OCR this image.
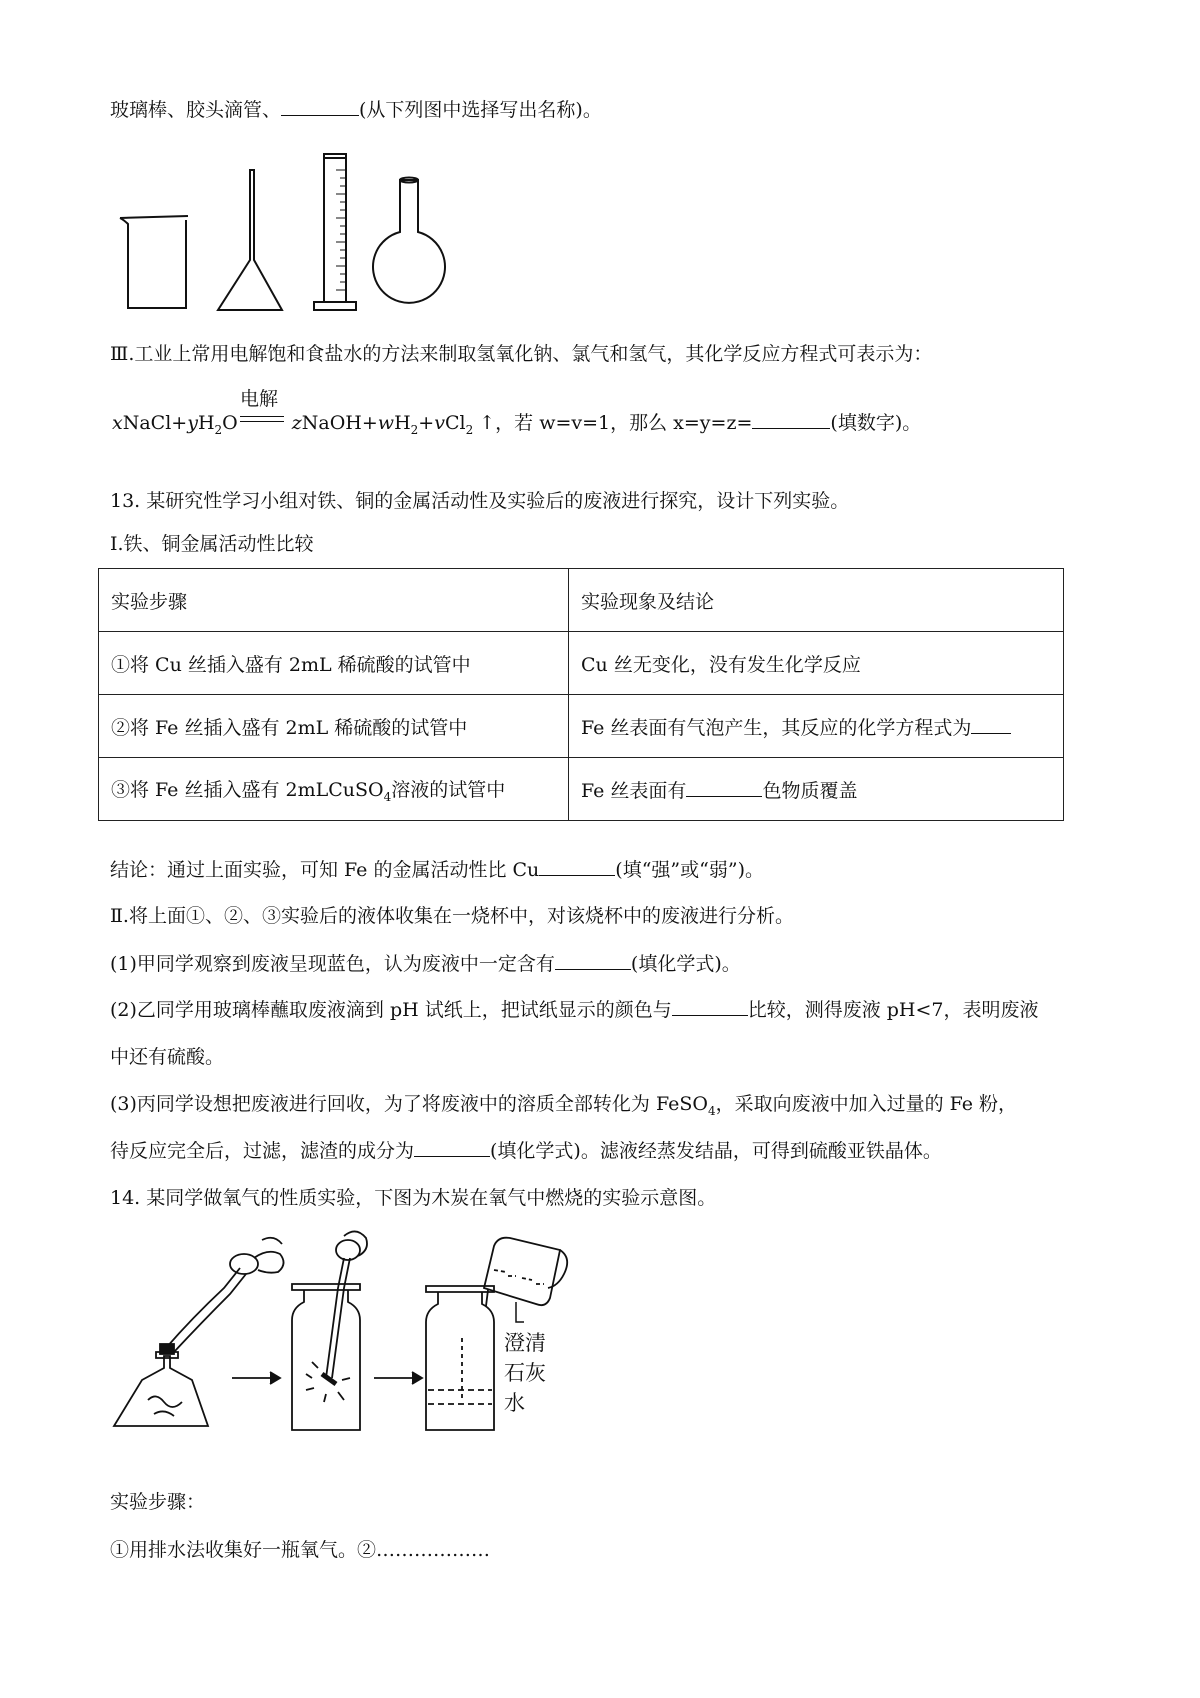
玻璃棒、胶头滴管、	(从下列图中选择写出名称)。
Ⅲ.工业上常用电解饱和食盐水的方法来制取氢氧化钠、氯气和氢气，其化学反应方程式可表示为：
电解
$xNaCl+yH_2O$	$zNaOH+wH_2+vCl_2$ ↑，若 w=v=1，那么 x=y=z=	(填数字)。
13. 某研究性学习小组对铁、铜的金属活动性及实验后的废液进行探究，设计下列实验。
Ⅰ.铁、铜金属活动性比较
实验步骤	实验现象及结论
①将 Cu 丝插入盛有 2mL 稀硫酸的试管中	Cu 丝无变化，没有发生化学反应
②将 Fe 丝插入盛有 2mL 稀硫酸的试管中	Fe 丝表面有气泡产生，其反应的化学方程式为
③将 Fe 丝插入盛有 2mLCuSO$_4$溶液的试管中	Fe 丝表面有 色物质覆盖
结论：通过上面实验，可知 Fe 的金属活动性比 Cu	(填“强”或“弱”)。
Ⅱ.将上面①、②、③实验后的液体收集在一烧杯中，对该烧杯中的废液进行分析。
(1)甲同学观察到废液呈现蓝色，认为废液中一定含有	(填化学式)。
(2)乙同学用玻璃棒蘸取废液滴到 pH 试纸上，把试纸显示的颜色与	比较，测得废液 pH<7，表明废液
中还有硫酸。
(3)丙同学设想把废液进行回收，为了将废液中的溶质全部转化为 FeSO$_4$，采取向废液中加入过量的 Fe 粉，
待反应完全后，过滤，滤渣的成分为	(填化学式)。滤液经蒸发结晶，可得到硫酸亚铁晶体。
14. 某同学做氧气的性质实验，下图为木炭在氧气中燃烧的实验示意图。
澄清
石灰
水
实验步骤：
①用排水法收集好一瓶氧气。②………………
